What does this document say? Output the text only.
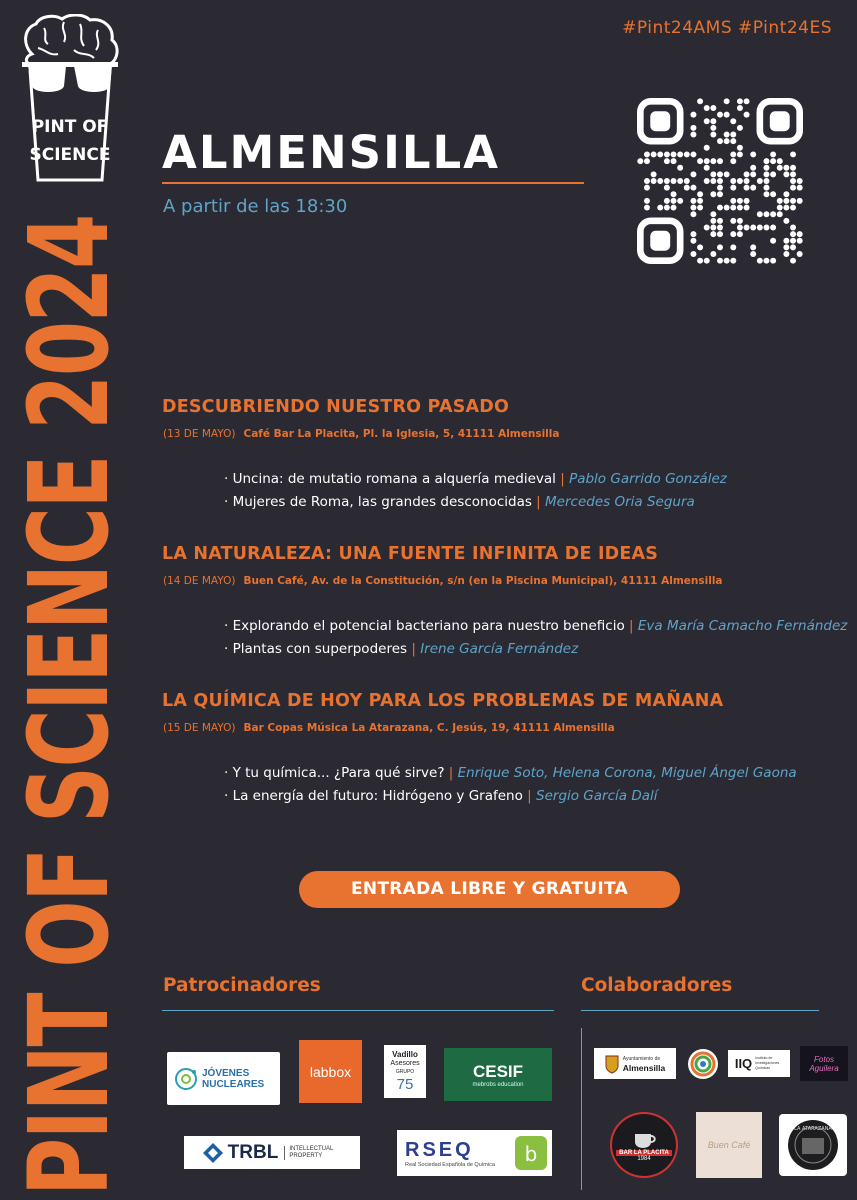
PINT OF
SCIENCE
#Pint24AMS #Pint24ES
ALMENSILLA
A partir de las 18:30
PINT OF SCIENCE 2024 DESCUBRIENDO NUESTRO PASADO
(13 DE MAYO) Café Bar La Placita, Pl. la Iglesia, 5, 41111 Almensilla
· Uncina: de mutatio romana a alquería medieval | Pablo Garrido González
· Mujeres de Roma, las grandes desconocidas | Mercedes Oria Segura
LA NATURALEZA: UNA FUENTE INFINITA DE IDEAS
(14 DE MAYO) Buen Café, Av. de la Constitución, s/n (en la Piscina Municipal), 41111 Almensilla
· Explorando el potencial bacteriano para nuestro beneficio | Eva María Camacho Fernández
· Plantas con superpoderes | Irene García Fernández
LA QUÍMICA DE HOY PARA LOS PROBLEMAS DE MAÑANA
(15 DE MAYO) Bar Copas Música La Atarazana, C. Jesús, 19, 41111 Almensilla
· Y tu química... ¿Para qué sirve? | Enrique Soto, Helena Corona, Miguel Ángel Gaona
· La energía del futuro: Hidrógeno y Grafeno | Sergio García Dalí
ENTRADA LIBRE Y GRATUITA
Patrocinadores	Colaboradores
JÓVENES NUCLEARES
labbox
Vadillo
Asesores
GRUPO
75
CESIF
mebrobs education
TRBL	INTELLECTUAL PROPERTY	RSEQ
Real Sociedad Española de Química b
Ayuntamiento de
Almensilla	IIQ Instituto de Investigaciones Químicas
Fotos Aguilera
BAR LA PLACITA
1984
Buen Café
LA ATARAZANA
